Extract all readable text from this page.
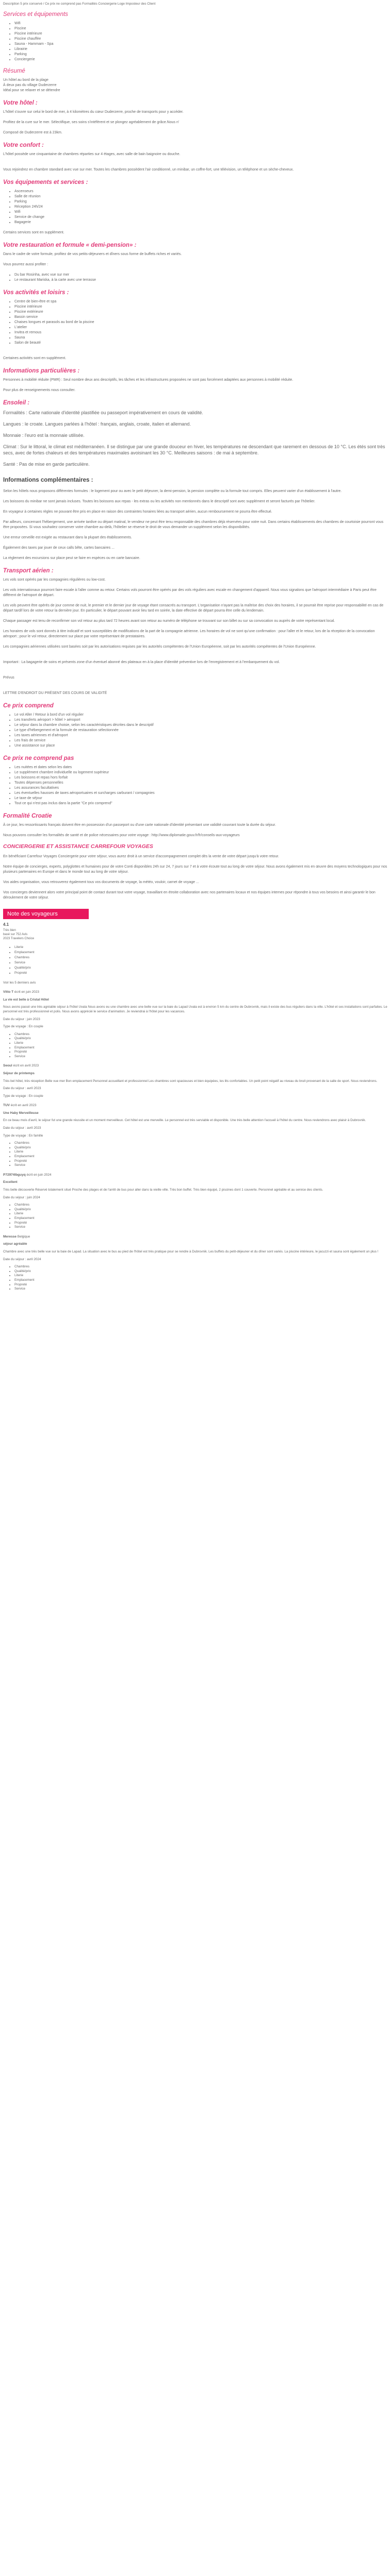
Description 5 prix conservé / Ce prix ne comprend pas Formalités Conciergerie Loge Imposteur des Client

Services et équipements
• Wifi
• Piscine
• Piscine intérieure
• Piscine chauffée
• Sauna - Hammam - Spa
• Librairie
• Parking
• Conciergerie
Résumé
Un hôtel au bord de la plage
À deux pas du village Duderzerre
Idéal pour se relaxer et se détendre
Votre hôtel :

L'hôtel s'ouvre sur celui le bord de mer, à 4 kilomètres du cœur Duderzerre, proche de transports pour y accéder.

Profitez de la cure sur le mer. Sélectifique, ses soins s'intéfèrent et se plongez agréablement de grâce.Nous n'

Composé de Duderzerre est à 23km.

Votre confort :

L'hôtel possède une cinquantaine de chambres réparties sur 4 étages, avec salle de bain baignoire ou douche.

Vous rejoindrez en chambre standard avec vue sur mer. Toutes les chambres possèdent l'air conditionné, un minibar, un coffre-fort, une télévision, un téléphone et un sèche-cheveux.

Vos équipements et services :
• Ascenseurs
• Salle de réunion
• Parking
• Réception 24h/24
• Wifi
• Service de change
• Bagagerie

Certains services sont en supplément.

Votre restauration et formule « demi-pension» :

Dans le cadre de votre formule, profitez de vos petits-déjeuners et dîners sous forme de buffets riches et variés.

Vous pourrez aussi profiter :

• Du bar Rosinha, avec vue sur mer
• Le restaurant Mariska, à la carte avec une terrasse
Vos activités et loisirs :
• Centre de bien-être et spa
• Piscine intérieure
• Piscine extérieure
• Bassin service
• Chaises longues et parasols au bord de la piscine
• L'atelier
• Invitra et remous
• Sauna
• Salon de beauté

Certaines activités sont en supplément.

Informations particulières :

Personnes à mobilité réduite (PMR) : Seul nombre deux ans descriptifs, les tâches et les infrastructures proposées ne sont pas forcément adaptées aux personnes à mobilité réduite.

Pour plus de renseignements nous consulter.

Ensoleil :

Formalités : Carte nationale d'identité plastifiée ou passeport impérativement en cours de validité.

Langues : le croate. Langues parlées à l'hôtel : français, anglais, croate, italien et allemand.

Monnaie : l'euro est la monnaie utilisée.

Climat : Sur le littoral, le climat est méditerranéen. Il se distingue par une grande douceur en hiver, les températures ne descendant que rarement en dessous de 10 °C. Les étés sont très secs, avec de fortes chaleurs et des températures maximales avoisinant les 30 °C. Meilleures saisons : de mai à septembre.

Santé : Pas de mise en garde particulière.

Informations complémentaires :

Selon les hôtels nous proposons différentes formules : le logement pour ou avec le petit déjeuner, la demi-pension, la pension complète ou la formule tout compris. Elles peuvent varier d'un établissement à l'autre.

Les boissons du minibar ne sont jamais incluses. Toutes les boissons aux repas - les extras ou les activités non mentionnés dans le descriptif sont avec supplément et seront facturés par l'hôtelier.

En voyageur à certaines règles ne pouvant être pris en place en raison des contraintes horaires liées au transport aérien, aucun remboursement ne pourra être effectué.

Par ailleurs, concernant l'hébergement, une arrivée tardive ou départ matinal, le vendeur ne peut être tenu responsable des chambres déjà réservées pour votre nuit. Dans certains établissements des chambres de courtoisie pourront vous être proposées. Si vous souhaitez conserver votre chambre au-delà, l'hôtelier se réserve le droit de vous demander un supplément selon les disponibilités.

Une erreur cerveille est exigée au restaurant dans la plupart des établissements.

Également des taxes par jouer de ceux calls bête, cartes bancaires ...

La règlement des excursions sur place peut se faire en espèces ou en carte bancaire.

Transport aérien :

Les vols sont opérés par les compagnies régulières ou low-cost.

Les vols internationaux pourront faire escale à l'aller comme au retour. Certains vols pourront être opérés par des vols réguliers avec escale en changement d'appareil. Nous vous signalons que l'aéroport intermédiaire à Paris peut être différent de l'aéroport de départ.

Les vols peuvent être opérés de jour comme de nuit, le premier et le dernier jour de voyage étant consacrés au transport. L'organisation n'ayant pas la maîtrise des choix des horaires, il se pourrait être reprise pour responsabilité en cas de départ tardif lors de votre retour la dernière jour. En particulier, le départ pouvant avoir lieu tard en soirée, la date effective de départ pourra être celle du lendemain.

Chaque passager est tenu de reconfirmer son vol retour au plus tard 72 heures avant son retour au numéro de téléphone se trouvant sur son billet ou sur sa convocation ou auprès de votre représentant local.

Les horaires de vols sont donnés à titre indicatif et sont susceptibles de modifications de la part de la compagnie aérienne. Les horaires de vol ne sont qu'une confirmation : pour l'aller et le retour, lors de la réception de la convocation aéroport ; pour le vol retour, directement sur place par votre représentant de prestataires.

Les compagnies aériennes utilisées sont basées soit par les autorisations requises par les autorités compétentes de l'Union Européenne, soit par les autorités compétentes de l'Union Européenne.

Important : La bagagerie de soins et présents zone d'un éventuel abonné des plateaux en à la place d'identité préventive lors de l'enregistrement et à l'embarquement du vol.

Prévus

LETTRE D'ENDROIT DU PRÉSENT DES COURS DE VALIDITÉ

Ce prix comprend
• Le vol Aller / Retour à bord d'un vol régulier
• Les transferts aéroport > hôtel > aéroport
• Le séjour dans la chambre choisie, selon les caractéristiques décrites dans le descriptif
• Le type d'hébergement et la formule de restauration sélectionnée
• Les taxes aériennes et d'aéroport
• Les frais de service
• Une assistance sur place
Ce prix ne comprend pas
• Les nuitées et dates selon les dates
• Le supplément chambre individuelle ou logement supérieur
• Les boissons et repas hors forfait
• Toutes dépenses personnelles
• Les assurances facultatives
• Les éventuelles hausses de taxes aéroportuaires et surcharges carburant / compagnies
• Le taxe de séjour
• Tout ce qui n'est pas inclus dans la partie "Ce prix comprend"
Formalité Croatie

À ce jour, les ressortissants français doivent être en possession d'un passeport ou d'une carte nationale d'identité présentant une validité couvrant toute la durée du séjour.

Nous pouvons consulter les formalités de santé et de police nécessaires pour votre voyage : http://www.diplomatie.gouv.fr/fr/conseils-aux-voyageurs

CONCIERGERIE ET ASSISTANCE CARREFOUR VOYAGES

En bénéficiant Carrefour Voyages Conciergerie pour votre séjour, vous aurez droit à un service d'accompagnement complet dès la vente de votre départ jusqu'à votre retour.

Notre équipe de concierges, experts, polyglottes et humaines pour de votre Conti disponibles 24h sur 24, 7 jours sur 7 et à votre écoute tout au long de votre séjour. Nous avons également mis en œuvre des moyens technologiques pour nos plusieurs partenaires en Europe et dans le monde tout au long de votre séjour.

Vos aides organisation, vous retrouverez également tous vos documents de voyage, la météo, vouloir, carnet de voyage ...

Vos concierges deviennent alors votre principal point de contact durant tout votre voyage, travaillant en étroite collaboration avec nos partenaires locaux et nos équipes internes pour répondre à tous vos besoins et ainsi garantir le bon déroulement de votre séjour.

Note des voyageurs
4.1
Très bien
basé sur 752 Avis
2023 Travelers Choice
• Literie
• Emplacement
• Chambres
• Service
• Qualité/prix
• Propreté

Voir les 5 derniers avis

Vitto T écrit en juin 2023

La vie est belle à Cristal Hôtel

Nous avons passé une très agréable séjour à l'hôtel Uvala Nous avons eu une chambre avec une belle vue sur la baie du Lapad Uvala est à environ 5 km du centre de Dubrovnik, mais il existe des bus réguliers dans la ville. L'hôtel et ses installations sont parfaites. Le personnel est très professionnel et polis. Nous avons apprécié le service d'animation. Je reviendrai à l'hôtel pour les vacances.

Date du séjour : juin 2023

Type de voyage : En couple

• Chambres
• Qualité/prix
• Literie
• Emplacement
• Propreté
• Service

Seoul écrit en avril 2023

Séjour de printemps

Très bel hôtel, très réception Belle vue mer Bon emplacement Personnel accueillant et professionnel Les chambres sont spacieuses et bien équipées, les lits confortables. Un petit point négatif au niveau du bruit provenant de la salle de sport. Nous reviendrons.

Date du séjour : avril 2023

Type de voyage : En couple

TUV écrit en avril 2023

Une Haby Merveilleuse

En ce beau mois d'avril, le séjour fut une grande réussite et un moment merveilleux. Cet hôtel est une merveille. Le personnel est très serviable et disponible. Une très belle attention l'accueil à l'hôtel du centre. Nous reviendrons avec plaisir à Dubrovnik.

Date du séjour : avril 2023

Type de voyage : En famille

• Chambres
• Qualité/prix
• Literie
• Emplacement
• Propreté
• Service

P72974lbguyq écrit en juin 2024

Excellent

Très belle découverte Réservé totalement situé Proche des plages et de l'arrêt de bus pour aller dans la vieille ville. Très bon buffet. Très bien équipé, 2 piscines dont 1 couverte. Personnel agréable et au service des clients.

Date du séjour : juin 2024

• Chambres
• Qualité/prix
• Literie
• Emplacement
• Propreté
• Service

Meresse Belgique

séjour agréable

Chambre avec une très belle vue sur la baie de Lapad. La situation avec le bus au pied de l'hôtel est très pratique pour se rendre à Dubrovnik. Les buffets du petit-déjeuner et du dîner sont variés. La piscine intérieure, le jacuzzi et sauna sont également un plus !

Date du séjour : avril 2024

• Chambres
• Qualité/prix
• Literie
• Emplacement
• Propreté
• Service
